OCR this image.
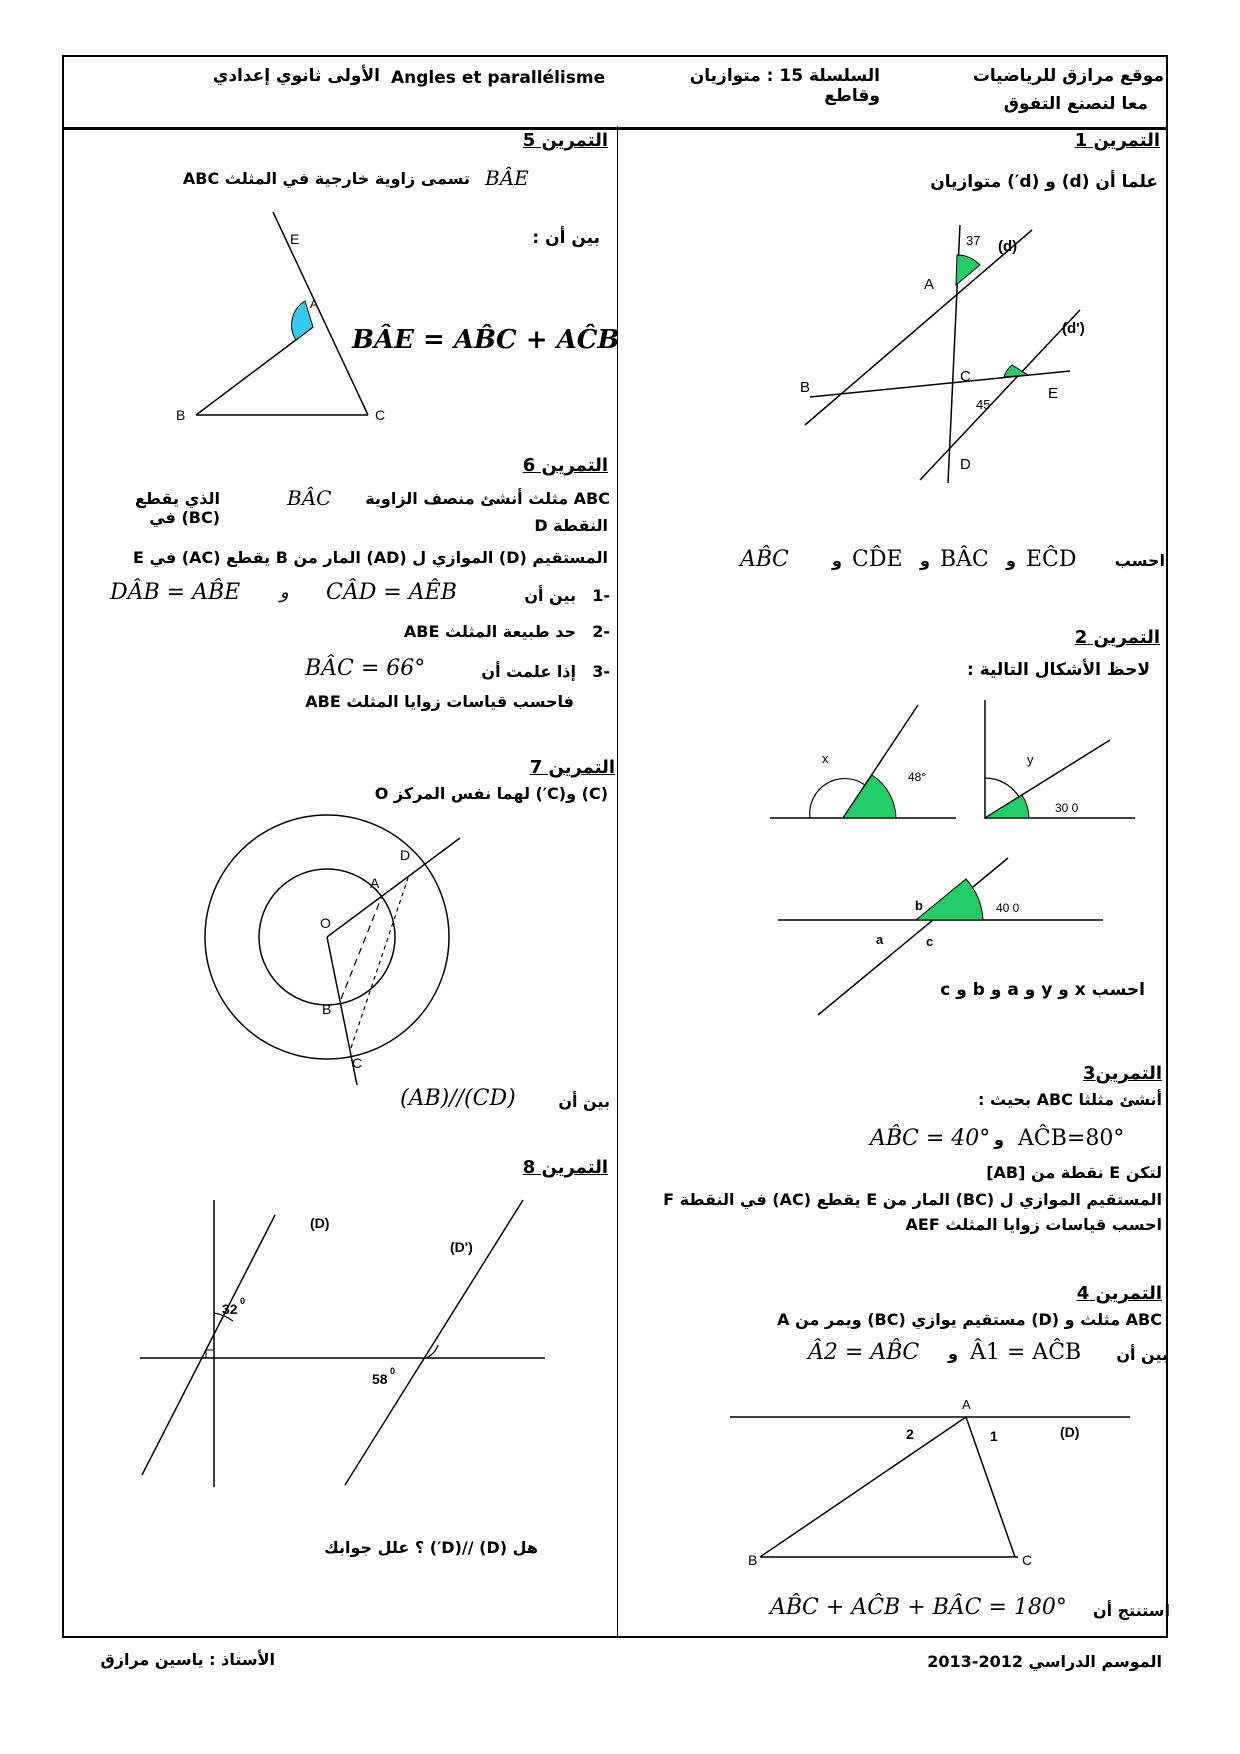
موقع مرازق للرياضيات
معا لنصنع التفوق
السلسلة 15 : متوازيان وقاطع
Angles et parallélisme
الأولى ثانوي إعدادي
التمرين 1
علما أن (d) و (d′) متوازيان
37 (d)
A
(d')
B
C
45
E
D
احسب
EĈD
و
BÂC
و
CD̂E
و
AB̂C
التمرين 2
لاحظ الأشكال التالية :
x
48°
y
30 0
b	40 0
a	c
احسب x و y و a و b و c
التمرين3
أنشئ مثلثا ABC بحيث :
AĈB=80°
و
AB̂C = 40°
لتكن E نقطة من [AB]
المستقيم الموازي ل (BC) المار من E يقطع (AC) في النقطة F
احسب قياسات زوايا المثلث AEF
التمرين 4
ABC مثلث و (D) مستقيم يوازي (BC) ويمر من A
بين أن
Â1 = AĈB
و
Â2 = AB̂C
A
2	1	(D)
B	C
استنتج أن
AB̂C + AĈB + BÂC = 180°
التمرين 5
BÂE
تسمى زاوية خارجية في المثلث ABC
بين أن :
BÂE = AB̂C + AĈB
E
A
B	C
التمرين 6
ABC مثلث أنشئ منصف الزاوية
BÂC
الذي يقطع (BC) في	النقطة D
المستقيم (D) الموازي ل (AD) المار من B يقطع (AC) في E
-1
بين أن
CÂD = AÊB
و
DÂB = AB̂E
-2
حد طبيعة المثلث ABE
-3
إذا علمت أن
BÂC = 66°
فاحسب قياسات زوايا المثلث ABE
التمرين 7
(C) و(C′) لهما نفس المركز O
O
A
D
B
C
بين أن
(AB)//(CD)
التمرين 8
(D)
(D')
32 0
58 0
هل (D) //(D′) ؟ علل جوابك
الأستاذ : ياسين مرازق	الموسم الدراسي 2012-2013
